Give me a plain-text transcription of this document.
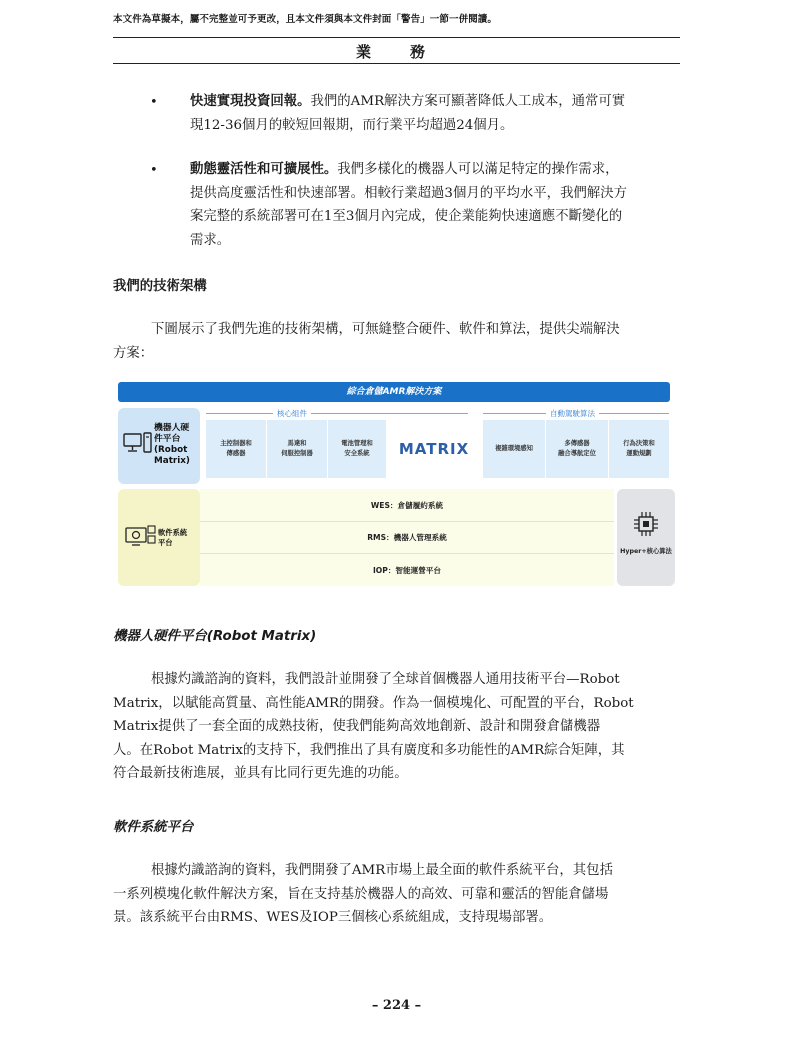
本文件為草擬本，屬不完整並可予更改，且本文件須與本文件封面「警告」一節一併閱讀。
業　務
• 快速實現投資回報。我們的AMR解決方案可顯著降低人工成本，通常可實
現12-36個月的較短回報期，而行業平均超過24個月。
• 動態靈活性和可擴展性。我們多樣化的機器人可以滿足特定的操作需求，
提供高度靈活性和快速部署。相較行業超過3個月的平均水平，我們解決方
案完整的系統部署可在1至3個月內完成，使企業能夠快速適應不斷變化的
需求。
我們的技術架構
下圖展示了我們先進的技術架構，可無縫整合硬件、軟件和算法，提供尖端解決
方案：
綜合倉儲AMR解決方案
機器人硬
件平台
(Robot
Matrix)
核心組件	自動駕駛算法
主控制器和
傳感器
馬達和
伺服控制器
電池管理和
安全系統	MATRIX	複雜環境感知
多傳感器
融合導航定位
行為決策和
運動規劃
軟件系統
平台
WES：倉儲履約系統
RMS：機器人管理系統
IOP：智能運營平台
Hyper+核心算法
機器人硬件平台(Robot Matrix)
根據灼識諮詢的資料，我們設計並開發了全球首個機器人通用技術平台—Robot
Matrix，以賦能高質量、高性能AMR的開發。作為一個模塊化、可配置的平台，Robot
Matrix提供了一套全面的成熟技術，使我們能夠高效地創新、設計和開發倉儲機器
人。在Robot Matrix的支持下，我們推出了具有廣度和多功能性的AMR綜合矩陣，其
符合最新技術進展，並具有比同行更先進的功能。
軟件系統平台
根據灼識諮詢的資料，我們開發了AMR市場上最全面的軟件系統平台，其包括
一系列模塊化軟件解決方案，旨在支持基於機器人的高效、可靠和靈活的智能倉儲場
景。該系統平台由RMS、WES及IOP三個核心系統組成，支持現場部署。
– 224 –
